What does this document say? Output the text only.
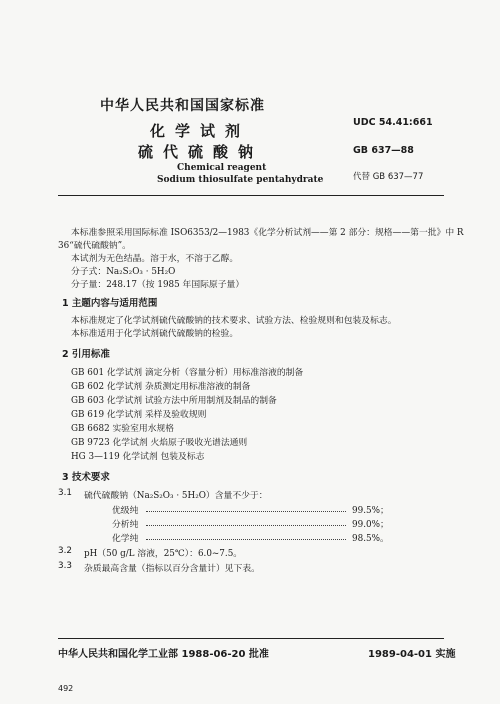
中华人民共和国国家标准
化学试剂
硫代硫酸钠
Chemical reagent
Sodium thiosulfate pentahydrate
UDC 54.41:661
GB 637—88
代替 GB 637—77
本标准参照采用国际标准 ISO6353/2—1983《化学分析试剂——第 2 部分：规格——第一批》中 R
36“硫代硫酸钠”。
本试剂为无色结晶。溶于水，不溶于乙醇。
分子式：Na₂S₂O₃ · 5H₂O
分子量：248.17（按 1985 年国际原子量）
1 主题内容与适用范围
本标准规定了化学试剂硫代硫酸钠的技术要求、试验方法、检验规则和包装及标志。
本标准适用于化学试剂硫代硫酸钠的检验。
2 引用标准
GB 601 化学试剂 滴定分析（容量分析）用标准溶液的制备
GB 602 化学试剂 杂质测定用标准溶液的制备
GB 603 化学试剂 试验方法中所用制剂及制品的制备
GB 619 化学试剂 采样及验收规则
GB 6682 实验室用水规格
GB 9723 化学试剂 火焰原子吸收光谱法通则
HG 3—119 化学试剂 包装及标志
3 技术要求
3.1 硫代硫酸钠（Na₂S₂O₃ · 5H₂O）含量不少于：
优级纯	99.5%；
分析纯	99.0%；
化学纯	98.5%。
3.2 pH（50 g/L 溶液，25℃）：6.0~7.5。
3.3 杂质最高含量（指标以百分含量计）见下表。
中华人民共和国化学工业部 1988-06-20 批准	1989-04-01 实施
492
